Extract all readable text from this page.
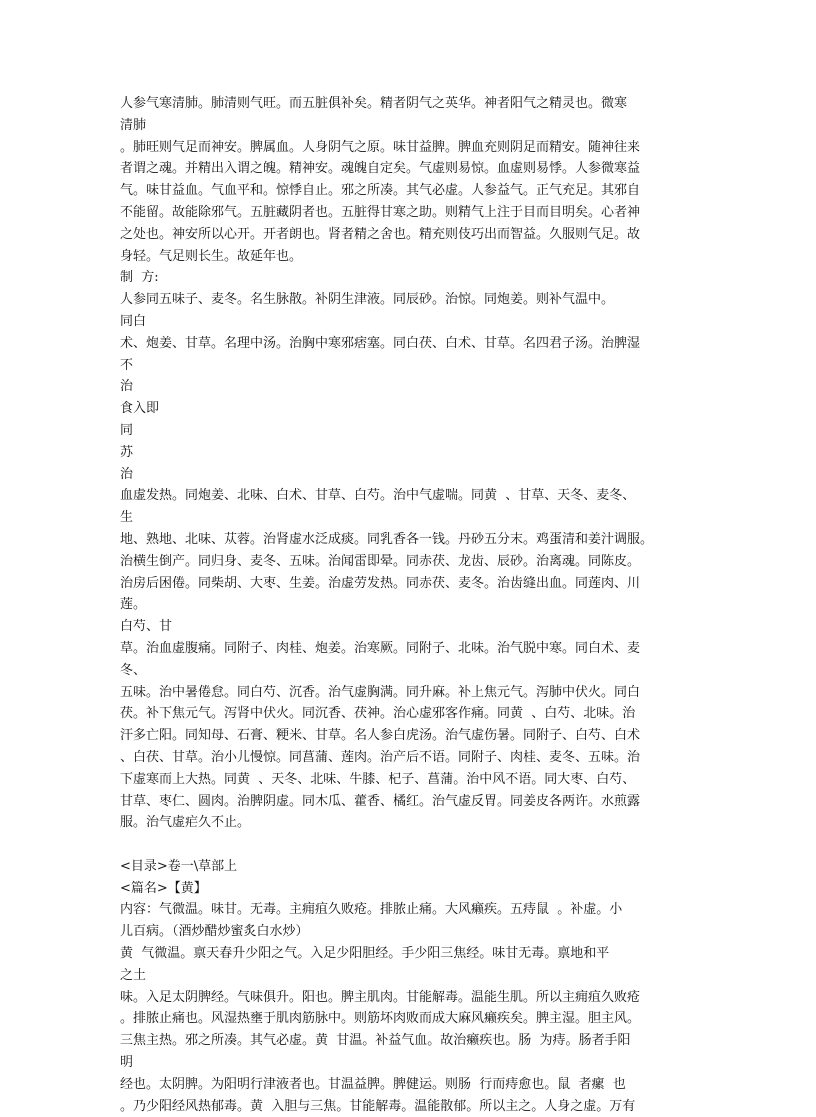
人参气寒清肺。肺清则气旺。而五脏俱补矣。精者阴气之英华。神者阳气之精灵也。微寒
清肺
。肺旺则气足而神安。脾属血。人身阴气之原。味甘益脾。脾血充则阴足而精安。随神往来
者谓之魂。并精出入谓之魄。精神安。魂魄自定矣。气虚则易惊。血虚则易悸。人参微寒益
气。味甘益血。气血平和。惊悸自止。邪之所凑。其气必虚。人参益气。正气充足。其邪自
不能留。故能除邪气。五脏藏阴者也。五脏得甘寒之助。则精气上注于目而目明矣。心者神
之处也。神安所以心开。开者朗也。肾者精之舍也。精充则伎巧出而智益。久服则气足。故
身轻。气足则长生。故延年也。
制  方:
人参同五味子、麦冬。名生脉散。补阴生津液。同辰砂。治惊。同炮姜。则补气温中。
同白
术、炮姜、甘草。名理中汤。治胸中寒邪痞塞。同白茯、白术、甘草。名四君子汤。治脾湿
不
治
食入即
同
苏
治
血虚发热。同炮姜、北味、白术、甘草、白芍。治中气虚喘。同黄  、甘草、天冬、麦冬、
生
地、熟地、北味、苁蓉。治肾虚水泛成痰。同乳香各一钱。丹砂五分末。鸡蛋清和姜汁调服。
治横生倒产。同归身、麦冬、五味。治闻雷即晕。同赤茯、龙齿、辰砂。治离魂。同陈皮。
治房后困倦。同柴胡、大枣、生姜。治虚劳发热。同赤茯、麦冬。治齿缝出血。同莲肉、川
莲。
白芍、甘
草。治血虚腹痛。同附子、肉桂、炮姜。治寒厥。同附子、北味。治气脱中寒。同白术、麦
冬、
五味。治中暑倦怠。同白芍、沉香。治气虚胸满。同升麻。补上焦元气。泻肺中伏火。同白
茯。补下焦元气。泻肾中伏火。同沉香、茯神。治心虚邪客作痛。同黄  、白芍、北味。治
汗多亡阳。同知母、石膏、粳米、甘草。名人参白虎汤。治气虚伤暑。同附子、白芍、白术
、白茯、甘草。治小儿慢惊。同菖蒲、莲肉。治产后不语。同附子、肉桂、麦冬、五味。治
下虚寒而上大热。同黄  、天冬、北味、牛膝、杞子、菖蒲。治中风不语。同大枣、白芍、
甘草、枣仁、圆肉。治脾阴虚。同木瓜、藿香、橘红。治气虚反胃。同姜皮各两许。水煎露
服。治气虚疟久不止。
<目录>卷一\草部上
<篇名>【黄】
内容：气微温。味甘。无毒。主痈疽久败疮。排脓止痛。大风癞疾。五痔鼠  。补虚。小
儿百病。（酒炒醋炒蜜炙白水炒）
黄  气微温。禀天春升少阳之气。入足少阳胆经。手少阳三焦经。味甘无毒。禀地和平
之土
味。入足太阴脾经。气味俱升。阳也。脾主肌肉。甘能解毒。温能生肌。所以主痈疽久败疮
。排脓止痛也。风湿热壅于肌肉筋脉中。则筋坏肉败而成大麻风癞疾矣。脾主湿。胆主风。
三焦主热。邪之所凑。其气必虚。黄  甘温。补益气血。故治癞疾也。肠  为痔。肠者手阳
明
经也。太阴脾。为阳明行津液者也。甘温益脾。脾健运。则肠  行而痔愈也。鼠  者瘰  也
。乃少阳经风热郁毒。黄  入胆与三焦。甘能解毒。温能散郁。所以主之。人身之虚。万有
